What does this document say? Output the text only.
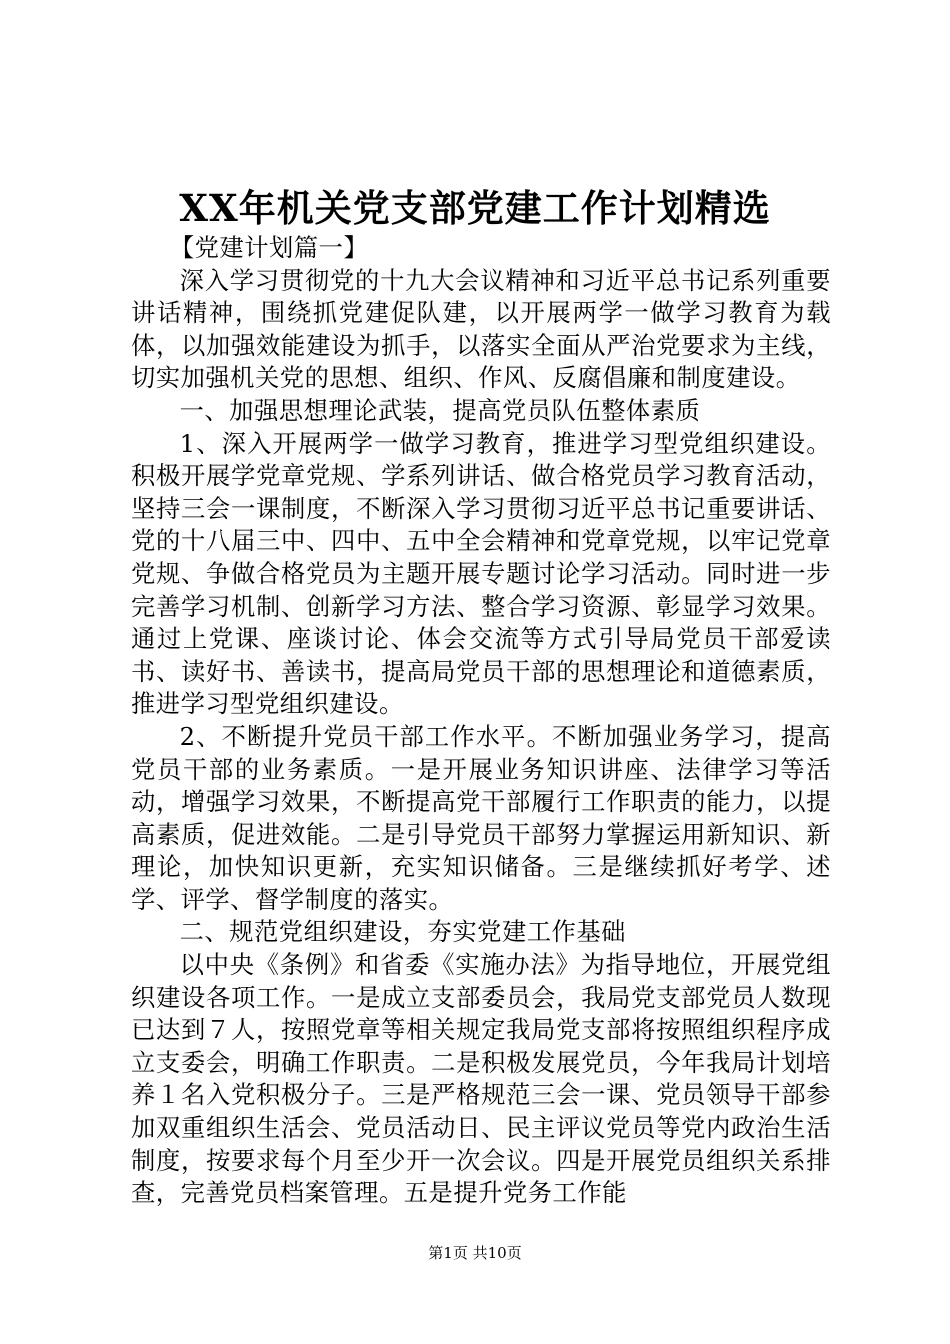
XX年机关党支部党建工作计划精选

【党建计划篇一】

深入学习贯彻党的十九大会议精神和习近平总书记系列重要讲话精神，围绕抓党建促队建，以开展两学一做学习教育为载体，以加强效能建设为抓手，以落实全面从严治党要求为主线，切实加强机关党的思想、组织、作风、反腐倡廉和制度建设。

一、加强思想理论武装，提高党员队伍整体素质

1、深入开展两学一做学习教育，推进学习型党组织建设。积极开展学党章党规、学系列讲话、做合格党员学习教育活动，坚持三会一课制度，不断深入学习贯彻习近平总书记重要讲话、党的十八届三中、四中、五中全会精神和党章党规，以牢记党章党规、争做合格党员为主题开展专题讨论学习活动。同时进一步完善学习机制、创新学习方法、整合学习资源、彰显学习效果。通过上党课、座谈讨论、体会交流等方式引导局党员干部爱读书、读好书、善读书，提高局党员干部的思想理论和道德素质，推进学习型党组织建设。

2、不断提升党员干部工作水平。不断加强业务学习，提高党员干部的业务素质。一是开展业务知识讲座、法律学习等活动，增强学习效果，不断提高党干部履行工作职责的能力，以提高素质，促进效能。二是引导党员干部努力掌握运用新知识、新理论，加快知识更新，充实知识储备。三是继续抓好考学、述学、评学、督学制度的落实。

二、规范党组织建设，夯实党建工作基础

以中央《条例》和省委《实施办法》为指导地位，开展党组织建设各项工作。一是成立支部委员会，我局党支部党员人数现已达到７人，按照党章等相关规定我局党支部将按照组织程序成立支委会，明确工作职责。二是积极发展党员，今年我局计划培养１名入党积极分子。三是严格规范三会一课、党员领导干部参加双重组织生活会、党员活动日、民主评议党员等党内政治生活制度，按要求每个月至少开一次会议。四是开展党员组织关系排查，完善党员档案管理。五是提升党务工作能

第1页 共10页
